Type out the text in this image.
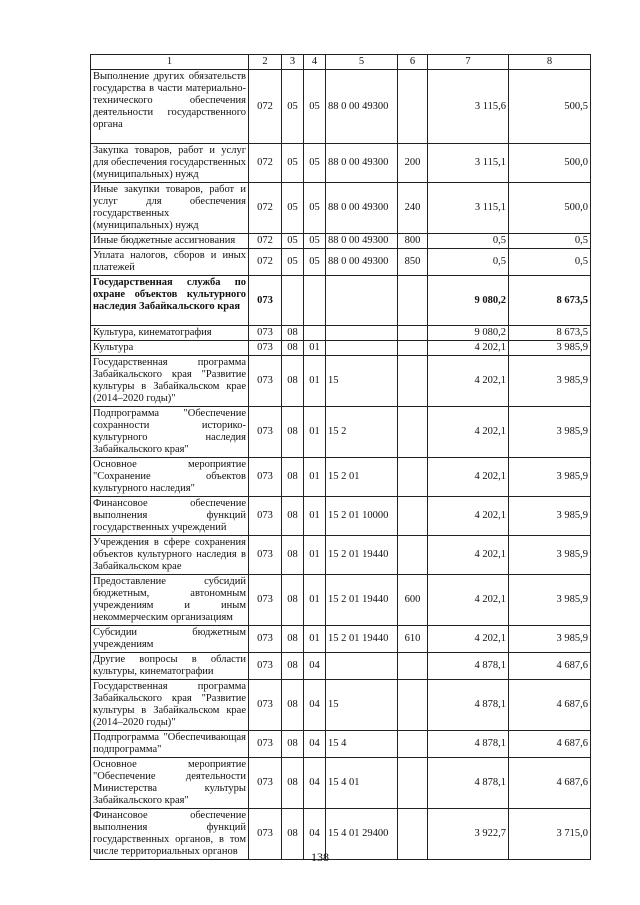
1	2	3	4	5	6	7	8
Выполнение других обязательств государства в части материально-технического обеспечения деятельности государственного органа	072	05	05	88 0 00 49300		3 115,6	500,5
Закупка товаров, работ и услуг для обеспечения государственных (муниципальных) нужд	072	05	05	88 0 00 49300	200	3 115,1	500,0
Иные закупки товаров, работ и услуг для обеспечения государственных (муниципальных) нужд	072	05	05	88 0 00 49300	240	3 115,1	500,0
Иные бюджетные ассигнования	072	05	05	88 0 00 49300	800	0,5	0,5
Уплата налогов, сборов и иных платежей	072	05	05	88 0 00 49300	850	0,5	0,5
Государственная служба по охране объектов культурного наследия Забайкальского края	073					9 080,2	8 673,5
Культура, кинематография	073	08				9 080,2	8 673,5
Культура	073	08	01			4 202,1	3 985,9
Государственная программа Забайкальского края "Развитие культуры в Забайкальском крае (2014–2020 годы)"	073	08	01	15		4 202,1	3 985,9
Подпрограмма "Обеспечение сохранности историко-культурного наследия Забайкальского края"	073	08	01	15 2		4 202,1	3 985,9
Основное мероприятие "Сохранение объектов культурного наследия"	073	08	01	15 2 01		4 202,1	3 985,9
Финансовое обеспечение выполнения функций государственных учреждений	073	08	01	15 2 01 10000		4 202,1	3 985,9
Учреждения в сфере сохранения объектов культурного наследия в Забайкальском крае	073	08	01	15 2 01 19440		4 202,1	3 985,9
Предоставление субсидий бюджетным, автономным учреждениям и иным некоммерческим организациям	073	08	01	15 2 01 19440	600	4 202,1	3 985,9
Субсидии бюджетным учреждениям	073	08	01	15 2 01 19440	610	4 202,1	3 985,9
Другие вопросы в области культуры, кинематографии	073	08	04			4 878,1	4 687,6
Государственная программа Забайкальского края "Развитие культуры в Забайкальском крае (2014–2020 годы)"	073	08	04	15		4 878,1	4 687,6
Подпрограмма "Обеспечивающая подпрограмма"	073	08	04	15 4		4 878,1	4 687,6
Основное мероприятие "Обеспечение деятельности Министерства культуры Забайкальского края"	073	08	04	15 4 01		4 878,1	4 687,6
Финансовое обеспечение выполнения функций государственных органов, в том числе территориальных органов	073	08	04	15 4 01 29400		3 922,7	3 715,0
138
